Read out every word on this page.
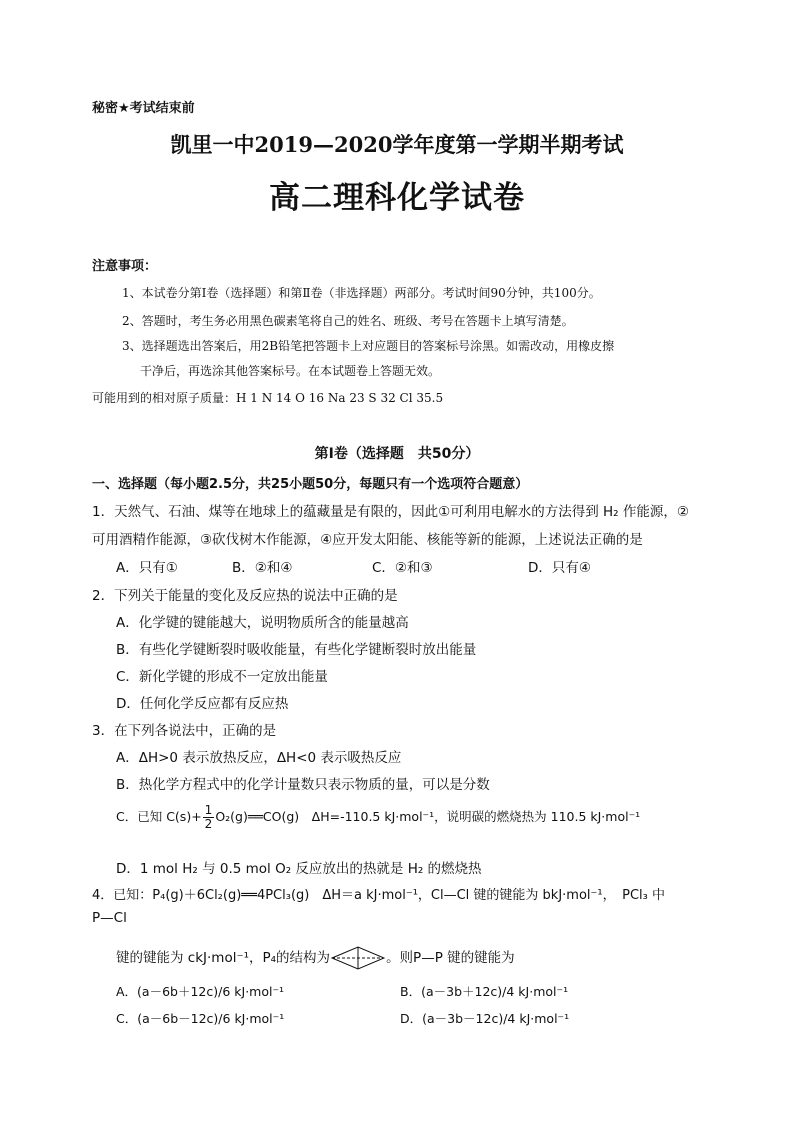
秘密★考试结束前
凯里一中2019—2020学年度第一学期半期考试
高二理科化学试卷
注意事项：
1、本试卷分第Ⅰ卷（选择题）和第Ⅱ卷（非选择题）两部分。考试时间90分钟，共100分。
2、答题时，考生务必用黑色碳素笔将自己的姓名、班级、考号在答题卡上填写清楚。
3、选择题选出答案后，用2B铅笔把答题卡上对应题目的答案标号涂黑。如需改动，用橡皮擦
干净后，再选涂其他答案标号。在本试题卷上答题无效。
可能用到的相对原子质量：H 1 N 14 O 16 Na 23 S 32 Cl 35.5
第Ⅰ卷（选择题　共50分）
一、选择题（每小题2.5分，共25小题50分，每题只有一个选项符合题意）
1．天然气、石油、煤等在地球上的蕴藏量是有限的，因此①可利用电解水的方法得到 H₂ 作能源，②
可用酒精作能源，③砍伐树木作能源，④应开发太阳能、核能等新的能源，上述说法正确的是
A．只有①	B．②和④	C．②和③	D．只有④
2．下列关于能量的变化及反应热的说法中正确的是
A．化学键的键能越大，说明物质所含的能量越高
B．有些化学键断裂时吸收能量，有些化学键断裂时放出能量
C．新化学键的形成不一定放出能量
D．任何化学反应都有反应热
3．在下列各说法中，正确的是
A．ΔH>0 表示放热反应，ΔH<0 表示吸热反应
B．热化学方程式中的化学计量数只表示物质的量，可以是分数
C．已知 $C(s)+ \frac{1}{2}$ O₂(g)══CO(g)　ΔH=-110.5 kJ·mol⁻¹，说明碳的燃烧热为 110.5 kJ·mol⁻¹
D．1 mol H₂ 与 0.5 mol O₂ 反应放出的热就是 H₂ 的燃烧热
4．已知：P₄(g)＋6Cl₂(g)══4PCl₃(g)　ΔH＝a kJ·mol⁻¹，Cl—Cl 键的键能为 bkJ·mol⁻¹，　PCl₃ 中
P—Cl
键的键能为 ckJ·mol⁻¹，P₄的结构为	。则P—P 键的键能为
A．(a－6b＋12c)/6 kJ·mol⁻¹	B．(a－3b＋12c)/4 kJ·mol⁻¹
C．(a－6b－12c)/6 kJ·mol⁻¹	D．(a－3b－12c)/4 kJ·mol⁻¹
